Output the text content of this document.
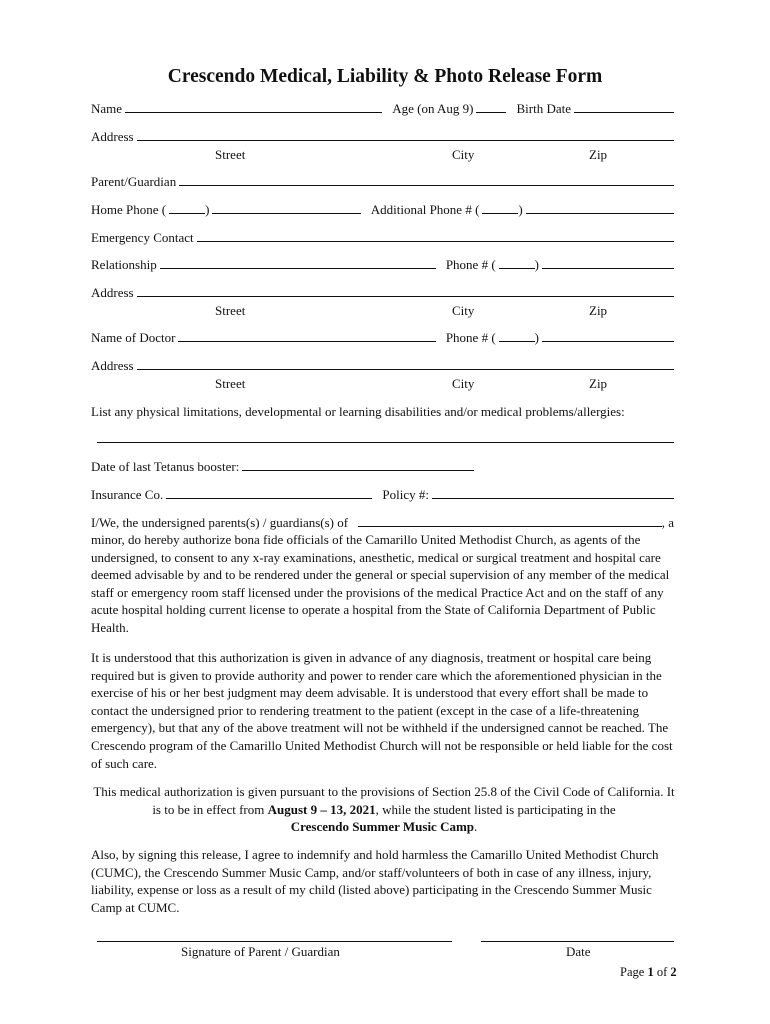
Crescendo Medical, Liability & Photo Release Form
Name	Age (on Aug 9)	Birth Date
Address
Street	City	Zip
Parent/Guardian
Home Phone (	)	Additional Phone # (	)
Emergency Contact
Relationship	Phone # (	)
Address
Street	City	Zip
Name of Doctor	Phone # (	)
Address
Street	City	Zip
List any physical limitations, developmental or learning disabilities and/or medical problems/allergies:
Date of last Tetanus booster:
Insurance Co.	Policy #:
I/We, the undersigned parents(s) / guardians(s) of	, a

minor, do hereby authorize bona fide officials of the Camarillo United Methodist Church, as agents of the undersigned, to consent to any x-ray examinations, anesthetic, medical or surgical treatment and hospital care deemed advisable by and to be rendered under the general or special supervision of any member of the medical staff or emergency room staff licensed under the provisions of the medical Practice Act and on the staff of any acute hospital holding current license to operate a hospital from the State of California Department of Public Health.

It is understood that this authorization is given in advance of any diagnosis, treatment or hospital care being required but is given to provide authority and power to render care which the aforementioned physician in the exercise of his or her best judgment may deem advisable. It is understood that every effort shall be made to contact the undersigned prior to rendering treatment to the patient (except in the case of a life-threatening emergency), but that any of the above treatment will not be withheld if the undersigned cannot be reached. The Crescendo program of the Camarillo United Methodist Church will not be responsible or held liable for the cost of such care.

This medical authorization is given pursuant to the provisions of Section 25.8 of the Civil Code of California. It is to be in effect from August 9 – 13, 2021, while the student listed is participating in the
Crescendo Summer Music Camp.

Also, by signing this release, I agree to indemnify and hold harmless the Camarillo United Methodist Church (CUMC), the Crescendo Summer Music Camp, and/or staff/volunteers of both in case of any illness, injury, liability, expense or loss as a result of my child (listed above) participating in the Crescendo Summer Music Camp at CUMC.

Signature of Parent / Guardian	Date
Page 1 of 2
